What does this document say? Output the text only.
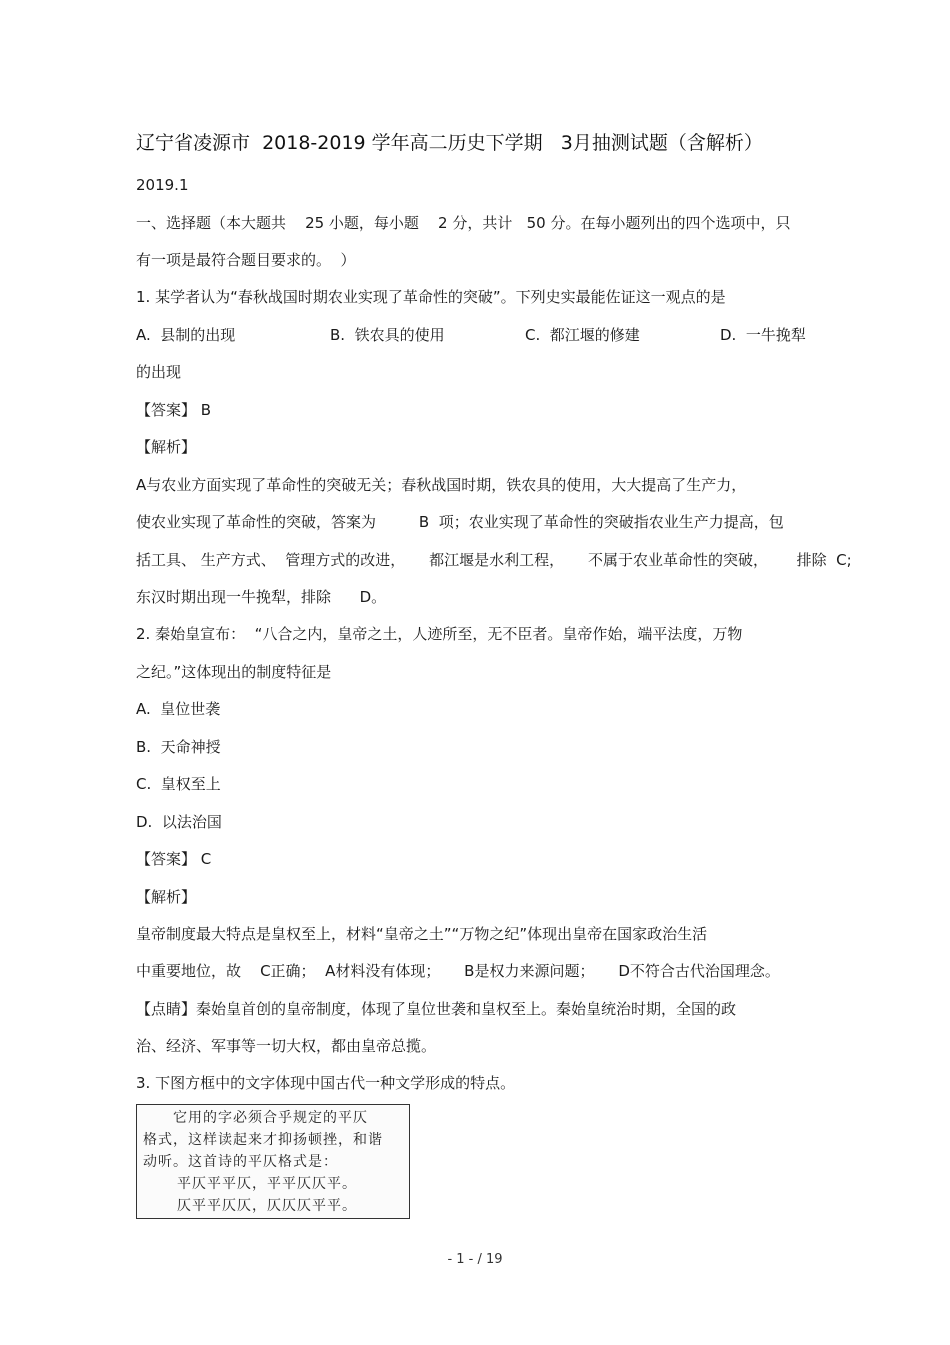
辽宁省凌源市  2018-2019 学年高二历史下学期   3月抽测试题（含解析）
2019.1
一、选择题（本大题共    25 小题，每小题    2 分，共计   50 分。在每小题列出的四个选项中，只
有一项是最符合题目要求的。  ）
1. 某学者认为“春秋战国时期农业实现了革命性的突破”。下列史实最能佐证这一观点的是
A.  县制的出现	B.  铁农具的使用	C.  都江堰的修建	D.  一牛挽犁
的出现
【答案】 B
【解析】
A与农业方面实现了革命性的突破无关；春秋战国时期，铁农具的使用，大大提高了生产力，
使农业实现了革命性的突破，答案为         B  项；农业实现了革命性的突破指农业生产力提高，包
括工具、 生产方式、  管理方式的改进，     都江堰是水利工程，     不属于农业革命性的突破，      排除  C;
东汉时期出现一牛挽犁，排除      D。
2. 秦始皇宣布：  “八合之内，皇帝之土，人迹所至，无不臣者。皇帝作始，端平法度，万物
之纪。”这体现出的制度特征是
A.  皇位世袭
B.  天命神授
C.  皇权至上
D.  以法治国
【答案】 C
【解析】
皇帝制度最大特点是皇权至上，材料“皇帝之土”“万物之纪”体现出皇帝在国家政治生活
中重要地位，故    C正确；  A材料没有体现；     B是权力来源问题；     D不符合古代治国理念。
【点睛】秦始皇首创的皇帝制度，体现了皇位世袭和皇权至上。秦始皇统治时期，全国的政
治、经济、军事等一切大权，都由皇帝总揽。
3. 下图方框中的文字体现中国古代一种文学形成的特点。
它用的字必须合乎规定的平仄
格式，这样读起来才抑扬顿挫，和谐
动听。这首诗的平仄格式是：
平仄平平仄，平平仄仄平。
仄平平仄仄，仄仄仄平平。
- 1 - / 19
